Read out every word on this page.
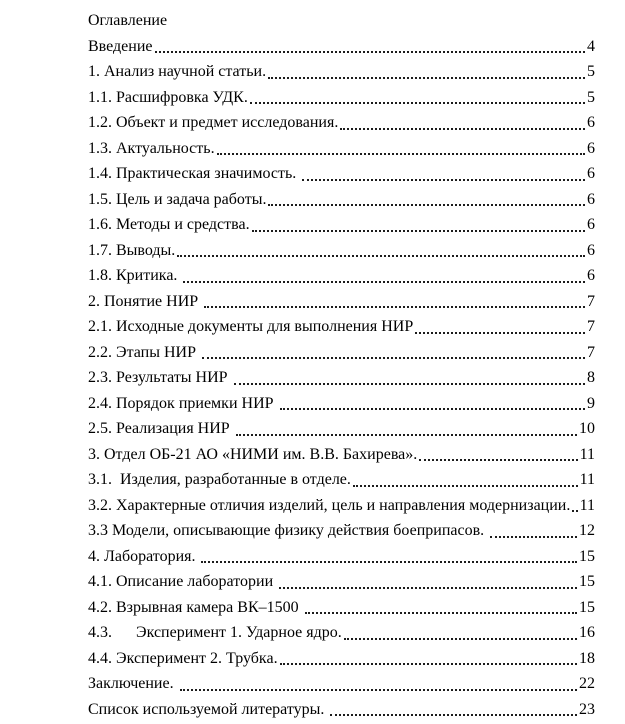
Оглавление
Введение	4
1. Анализ научной статьи.	5
1.1. Расшифровка УДК.	5
1.2. Объект и предмет исследования.	6
1.3. Актуальность.	6
1.4. Практическая значимость.	6
1.5. Цель и задача работы.	6
1.6. Методы и средства.	6
1.7. Выводы.	6
1.8. Критика.	6
2. Понятие НИР	7
2.1. Исходные документы для выполнения НИР	7
2.2. Этапы НИР	7
2.3. Результаты НИР	8
2.4. Порядок приемки НИР	9
2.5. Реализация НИР	10
3. Отдел ОБ-21 АО «НИМИ им. В.В. Бахирева».	11
3.1.  Изделия, разработанные в отделе.	11
3.2. Характерные отличия изделий, цель и направления модернизации. 11
3.3 Модели, описывающие физику действия боеприпасов.	12
4. Лаборатория.	15
4.1. Описание лаборатории	15
4.2. Взрывная камера ВК–1500	15
4.3.      Эксперимент 1. Ударное ядро.	16
4.4. Эксперимент 2. Трубка.	18
Заключение.	22
Список используемой литературы.	23
